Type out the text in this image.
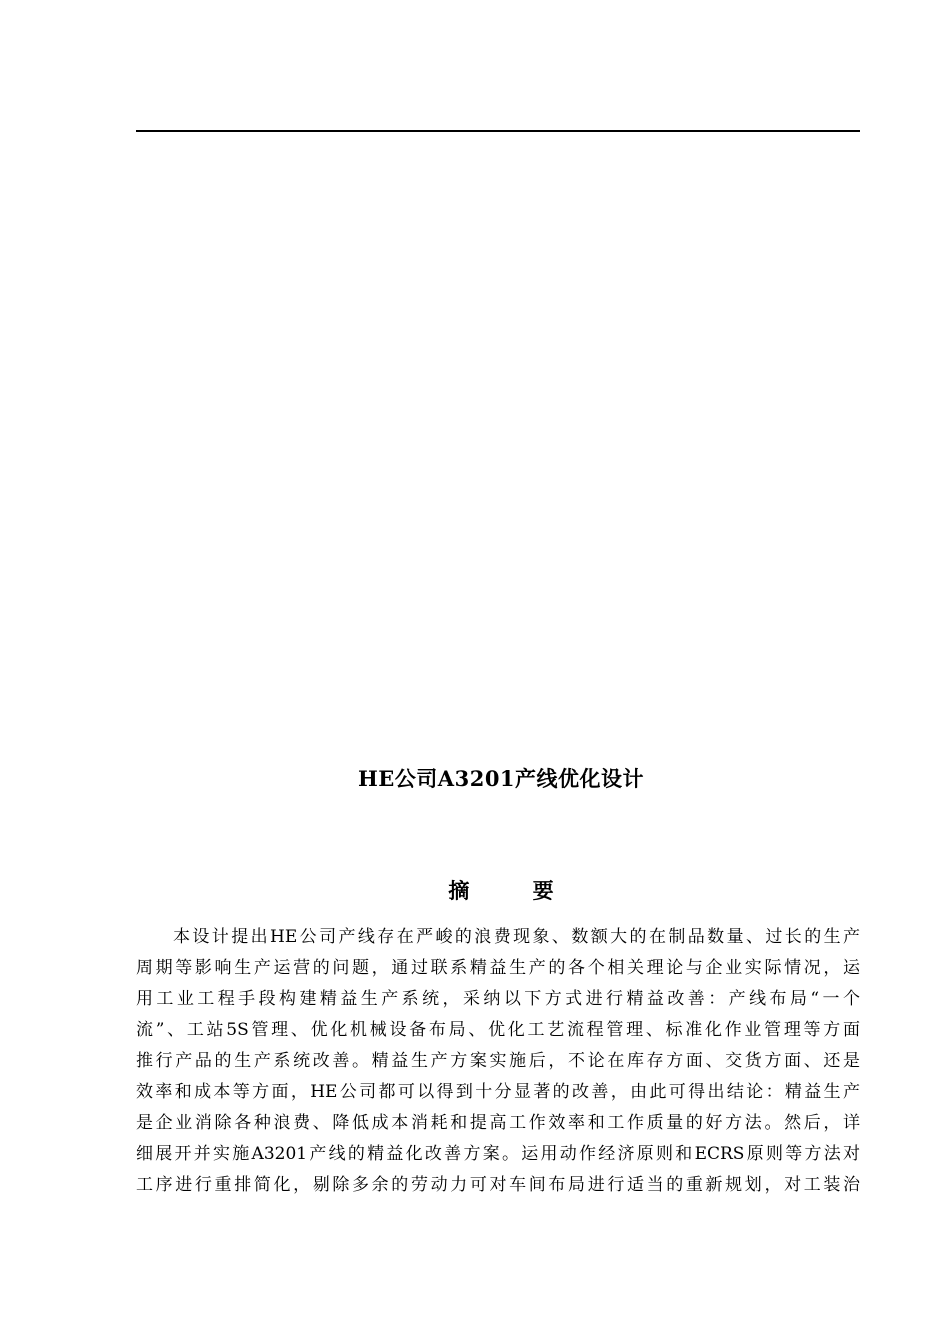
HE公司A3201产线优化设计
摘 要
本设计提出HE公司产线存在严峻的浪费现象、数额大的在制品数量、过长的生产
周期等影响生产运营的问题，通过联系精益生产的各个相关理论与企业实际情况，运
用工业工程手段构建精益生产系统，采纳以下方式进行精益改善：产线布局“一个
流”、工站5S管理、优化机械设备布局、优化工艺流程管理、标准化作业管理等方面
推行产品的生产系统改善。精益生产方案实施后，不论在库存方面、交货方面、还是
效率和成本等方面，HE公司都可以得到十分显著的改善，由此可得出结论：精益生产
是企业消除各种浪费、降低成本消耗和提高工作效率和工作质量的好方法。然后，详
细展开并实施A3201产线的精益化改善方案。运用动作经济原则和ECRS原则等方法对
工序进行重排简化，剔除多余的劳动力可对车间布局进行适当的重新规划，对工装治
